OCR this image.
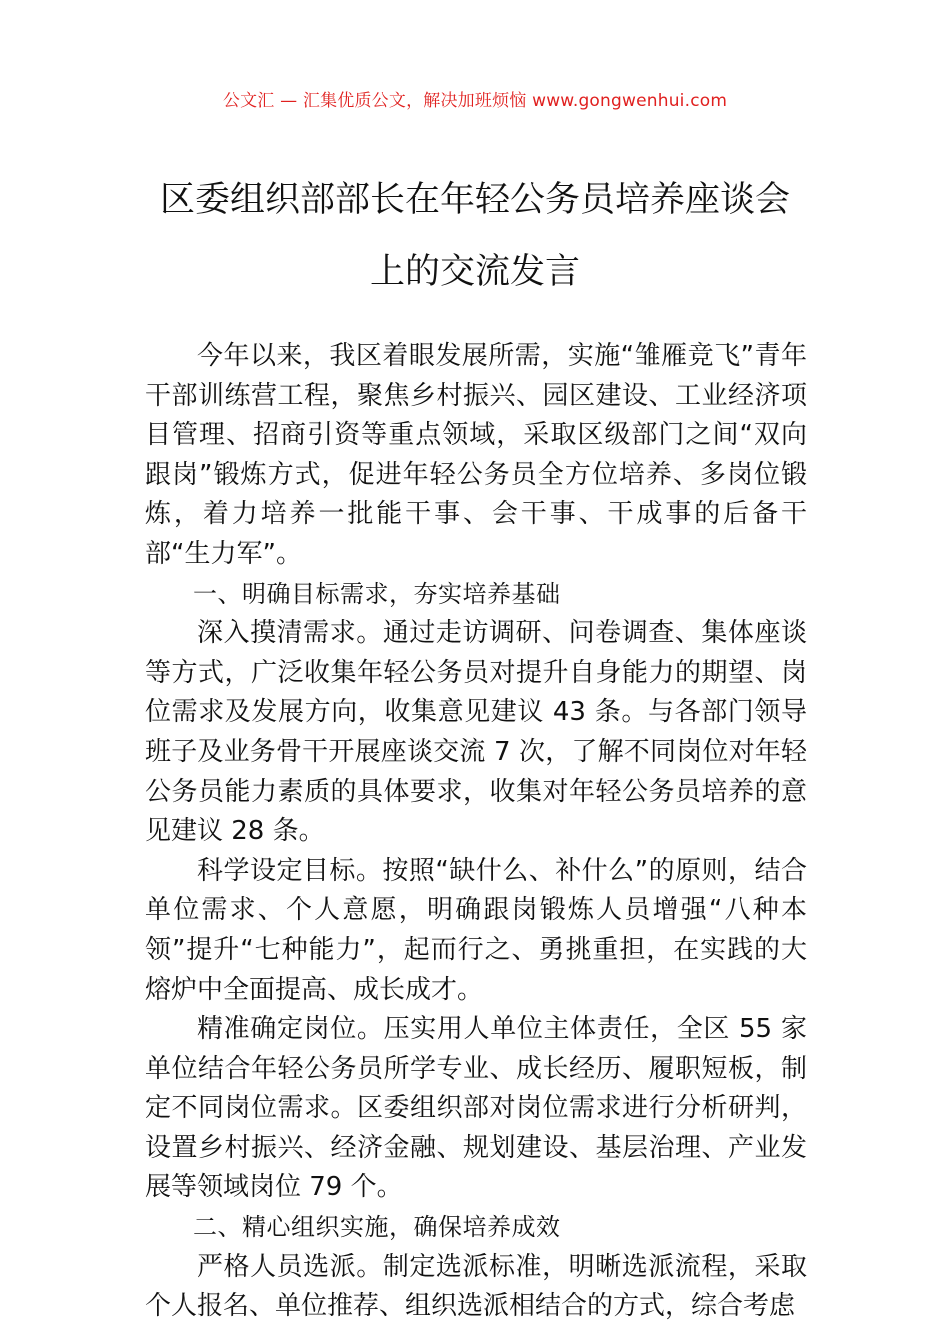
公文汇 — 汇集优质公文，解决加班烦恼 www.gongwenhui.com
区委组织部部长在年轻公务员培养座谈会
上的交流发言

今年以来，我区着眼发展所需，实施“雏雁竞飞”青年干部训练营工程，聚焦乡村振兴、园区建设、工业经济项目管理、招商引资等重点领域，采取区级部门之间“双向跟岗”锻炼方式，促进年轻公务员全方位培养、多岗位锻炼，着力培养一批能干事、会干事、干成事的后备干部“生力军”。

一、明确目标需求，夯实培养基础

深入摸清需求。通过走访调研、问卷调查、集体座谈等方式，广泛收集年轻公务员对提升自身能力的期望、岗位需求及发展方向，收集意见建议 43 条。与各部门领导班子及业务骨干开展座谈交流 7 次，了解不同岗位对年轻公务员能力素质的具体要求，收集对年轻公务员培养的意见建议 28 条。

科学设定目标。按照“缺什么、补什么”的原则，结合单位需求、个人意愿，明确跟岗锻炼人员增强“八种本领”提升“七种能力”，起而行之、勇挑重担，在实践的大熔炉中全面提高、成长成才。

精准确定岗位。压实用人单位主体责任，全区 55 家单位结合年轻公务员所学专业、成长经历、履职短板，制定不同岗位需求。区委组织部对岗位需求进行分析研判，设置乡村振兴、经济金融、规划建设、基层治理、产业发展等领域岗位 79 个。

二、精心组织实施，确保培养成效

严格人员选派。制定选派标准，明晰选派流程，采取个人报名、单位推荐、组织选派相结合的方式，综合考虑
